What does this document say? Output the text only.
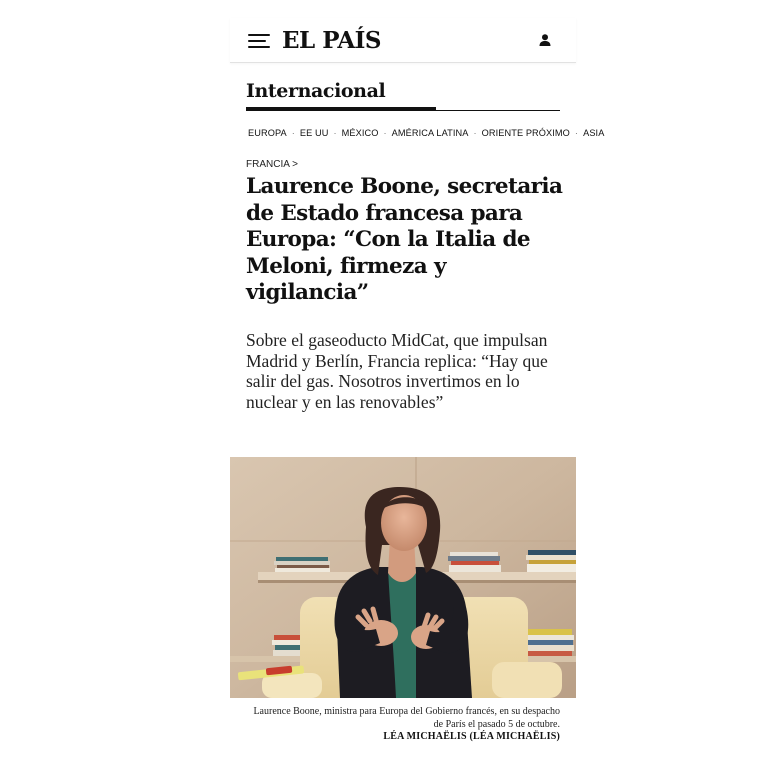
EL PAÍS
Internacional
EUROPA · EE UU · MÉXICO · AMÉRICA LATINA · ORIENTE PRÓXIMO · ASIA
FRANCIA >
Laurence Boone, secretaria de Estado francesa para Europa: “Con la Italia de Meloni, firmeza y vigilancia”

Sobre el gaseoducto MidCat, que impulsan Madrid y Berlín, Francia replica: “Hay que salir del gas. Nosotros invertimos en lo nuclear y en las renovables”

Laurence Boone, ministra para Europa del Gobierno francés, en su despacho de París el pasado 5 de octubre.
LÉA MICHAËLIS (LÉA MICHAËLIS)
